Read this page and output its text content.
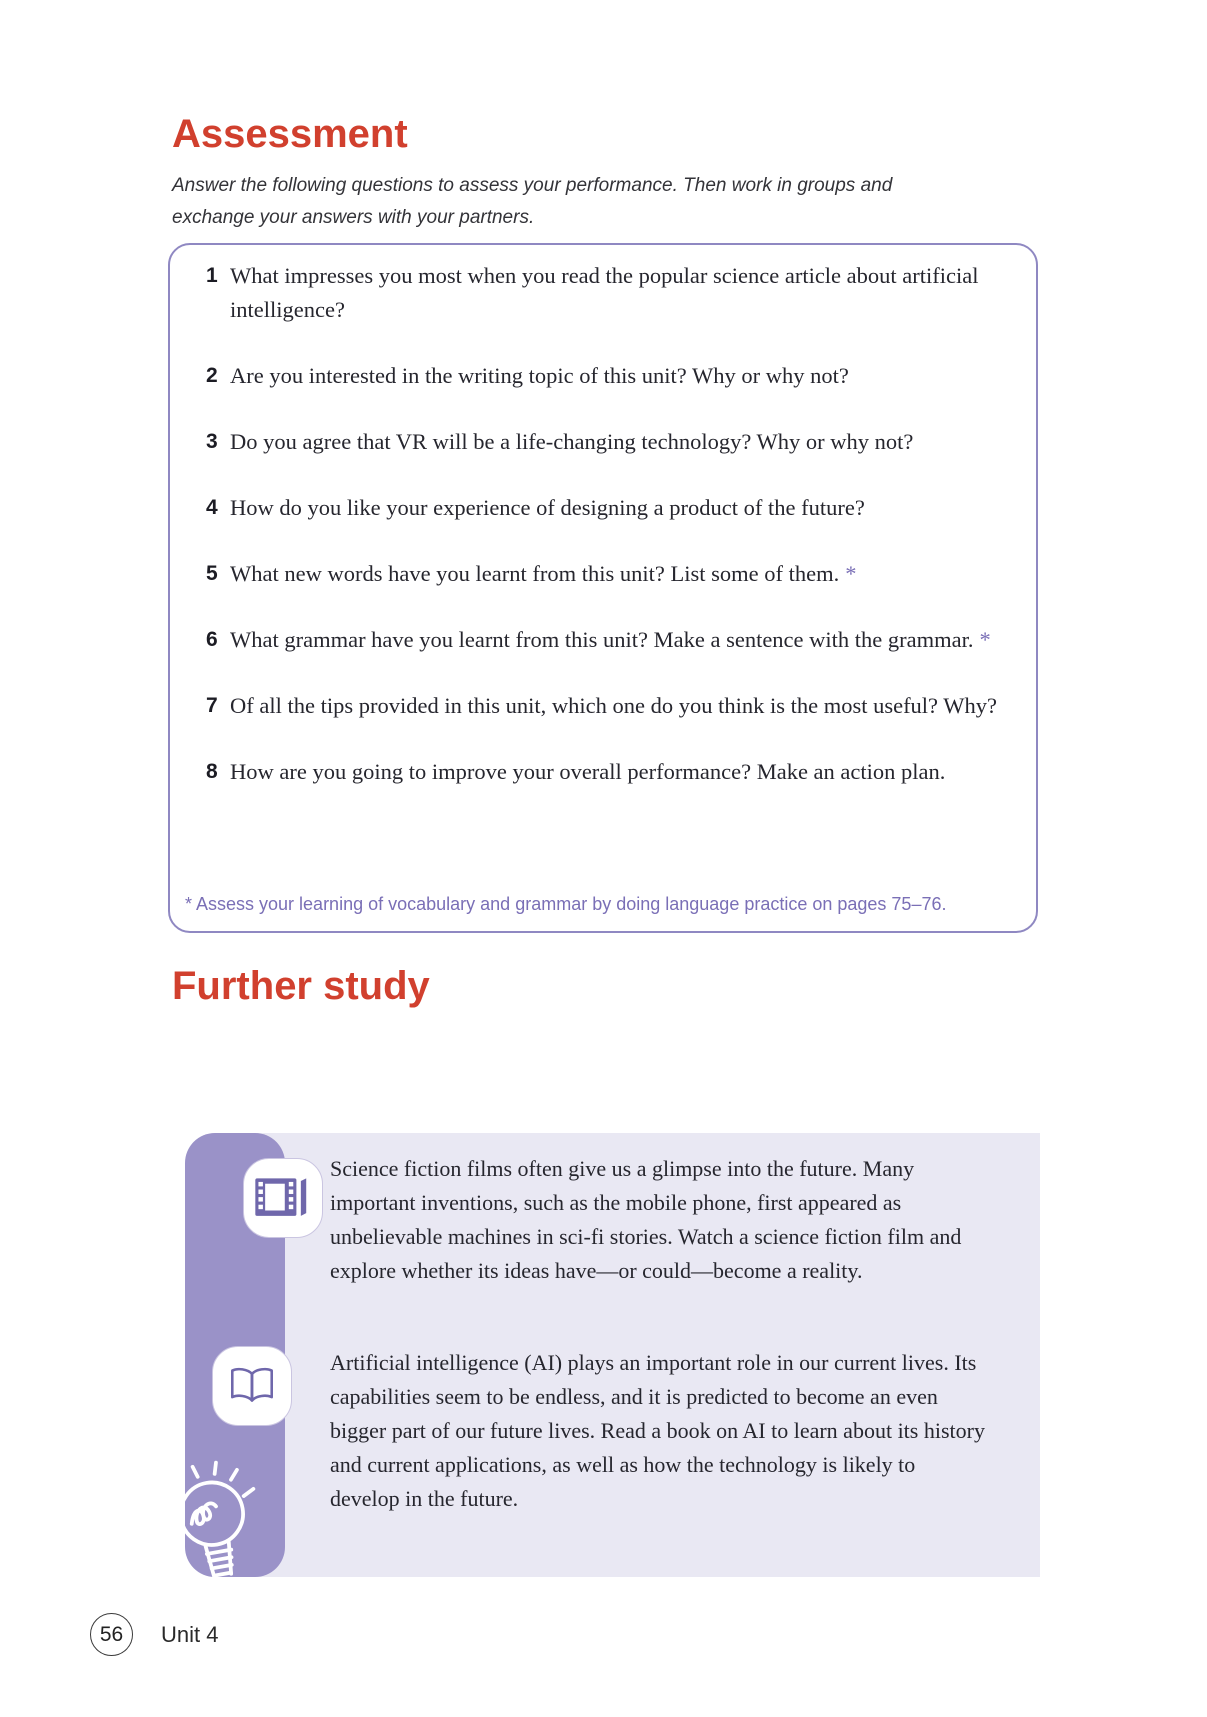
Assessment

Answer the following questions to assess your performance. Then work in groups and exchange your answers with your partners.

1 What impresses you most when you read the popular science article about artificial intelligence?
2 Are you interested in the writing topic of this unit? Why or why not?
3 Do you agree that VR will be a life-changing technology? Why or why not?
4 How do you like your experience of designing a product of the future?
5 What new words have you learnt from this unit? List some of them. *
6 What grammar have you learnt from this unit? Make a sentence with the grammar. *
7 Of all the tips provided in this unit, which one do you think is the most useful? Why?
8 How are you going to improve your overall performance? Make an action plan.

* Assess your learning of vocabulary and grammar by doing language practice on pages 75–76.

Further study

Science fiction films often give us a glimpse into the future. Many important inventions, such as the mobile phone, first appeared as unbelievable machines in sci-fi stories. Watch a science fiction film and explore whether its ideas have—or could—become a reality.

Artificial intelligence (AI) plays an important role in our current lives. Its capabilities seem to be endless, and it is predicted to become an even bigger part of our future lives. Read a book on AI to learn about its history and current applications, as well as how the technology is likely to develop in the future.

56	Unit 4
